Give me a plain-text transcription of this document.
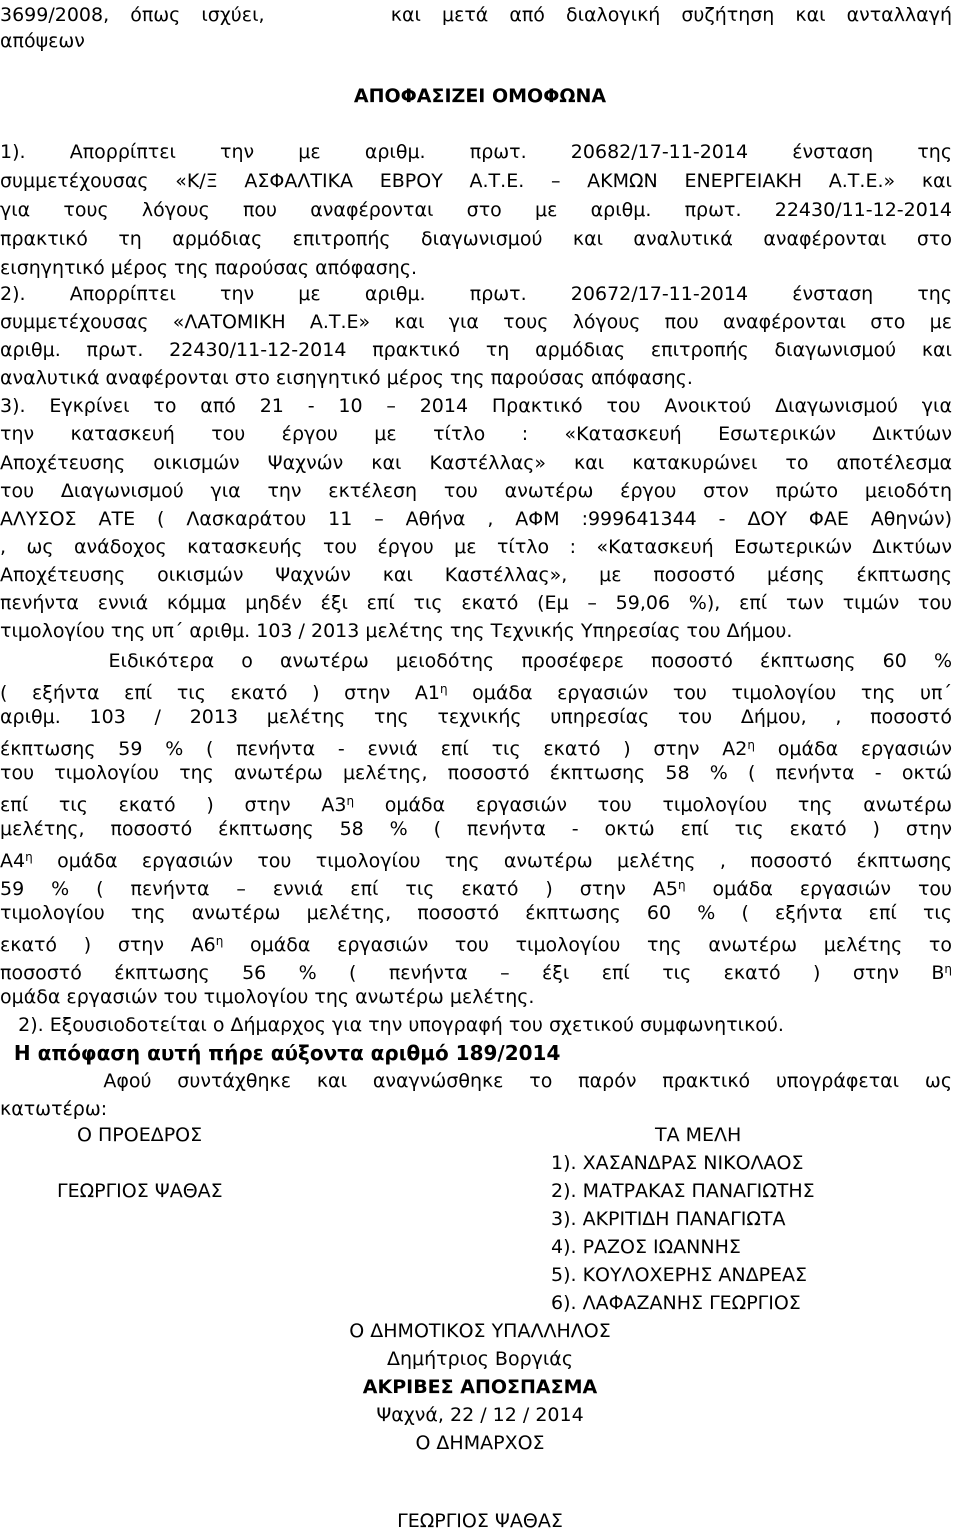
3699/2008, όπως ισχύει,      και μετά από διαλογική συζήτηση και ανταλλαγή
απόψεων
ΑΠΟΦΑΣΙΖΕΙ ΟΜΟΦΩΝΑ
1). Απορρίπτει την με αριθμ. πρωτ. 20682/17-11-2014 ένσταση της
συμμετέχουσας «Κ/Ξ ΑΣΦΑΛΤΙΚΑ ΕΒΡΟΥ Α.Τ.Ε. – ΑΚΜΩΝ ΕΝΕΡΓΕΙΑΚΗ Α.Τ.Ε.» και
για τους λόγους που αναφέρονται στο με αριθμ. πρωτ. 22430/11-12-2014
πρακτικό τη αρμόδιας επιτροπής διαγωνισμού και αναλυτικά αναφέρονται στο
εισηγητικό μέρος της παρούσας απόφασης.
2). Απορρίπτει την με αριθμ. πρωτ. 20672/17-11-2014 ένσταση της
συμμετέχουσας «ΛΑΤΟΜΙΚΗ Α.Τ.Ε» και για τους λόγους που αναφέρονται στο με
αριθμ. πρωτ. 22430/11-12-2014 πρακτικό τη αρμόδιας επιτροπής διαγωνισμού και
αναλυτικά αναφέρονται στο εισηγητικό μέρος της παρούσας απόφασης.
3). Εγκρίνει το από 21 - 10 – 2014 Πρακτικό του Ανοικτού Διαγωνισμού για
την κατασκευή του έργου με τίτλο : «Κατασκευή Εσωτερικών Δικτύων
Αποχέτευσης οικισμών Ψαχνών και Καστέλλας» και κατακυρώνει το αποτέλεσμα
του Διαγωνισμού για την εκτέλεση του ανωτέρω έργου στον πρώτο μειοδότη
ΑΛΥΣΟΣ ΑΤΕ ( Λασκαράτου 11 – Αθήνα , ΑΦΜ :999641344 - ΔΟΥ ΦΑΕ Αθηνών)
, ως ανάδοχος κατασκευής του έργου με τίτλο : «Κατασκευή Εσωτερικών Δικτύων
Αποχέτευσης οικισμών Ψαχνών και Καστέλλας», με ποσοστό μέσης έκπτωσης
πενήντα εννιά κόμμα μηδέν έξι επί τις εκατό (Εμ – 59,06 %), επί των τιμών του
τιμολογίου της υπ΄ αριθμ. 103 / 2013 μελέτης της Τεχνικής Υπηρεσίας του Δήμου.
Ειδικότερα ο ανωτέρω μειοδότης προσέφερε ποσοστό έκπτωσης 60 %
( εξήντα επί τις εκατό ) στην $A1^\eta$ ομάδα εργασιών του τιμολογίου της υπ΄
αριθμ. 103 / 2013 μελέτης της τεχνικής υπηρεσίας του Δήμου, , ποσοστό
έκπτωσης 59 % ( πενήντα - εννιά επί τις εκατό ) στην $A2^\eta$ ομάδα εργασιών
του τιμολογίου της ανωτέρω μελέτης, ποσοστό έκπτωσης 58 % ( πενήντα - οκτώ
επί τις εκατό ) στην $A3^\eta$ ομάδα εργασιών του τιμολογίου της ανωτέρω
μελέτης, ποσοστό έκπτωσης 58 % ( πενήντα - οκτώ επί τις εκατό ) στην
$A4^\eta$ ομάδα εργασιών του τιμολογίου της ανωτέρω μελέτης , ποσοστό έκπτωσης
59 % ( πενήντα – εννιά επί τις εκατό ) στην $A5^\eta$ ομάδα εργασιών του
τιμολογίου της ανωτέρω μελέτης, ποσοστό έκπτωσης 60 % ( εξήντα επί τις
εκατό ) στην $A6^\eta$ ομάδα εργασιών του τιμολογίου της ανωτέρω μελέτης το
ποσοστό έκπτωσης 56 % ( πενήντα – έξι επί τις εκατό ) στην $B^\eta$
ομάδα εργασιών του τιμολογίου της ανωτέρω μελέτης.
2). Εξουσιοδοτείται ο Δήμαρχος για την υπογραφή του σχετικού συμφωνητικού.
Η απόφαση αυτή πήρε αύξοντα αριθμό 189/2014
Αφού συντάχθηκε και αναγνώσθηκε το παρόν πρακτικό υπογράφεται ως
κατωτέρω:
Ο ΠΡΟΕΔΡΟΣ
ΓΕΩΡΓΙΟΣ ΨΑΘΑΣ
ΤΑ ΜΕΛΗ
1). ΧΑΣΑΝΔΡΑΣ ΝΙΚΟΛΑΟΣ
2). ΜΑΤΡΑΚΑΣ ΠΑΝΑΓΙΩΤΗΣ
3). ΑΚΡΙΤΙΔΗ ΠΑΝΑΓΙΩΤΑ
4). ΡΑΖΟΣ ΙΩΑΝΝΗΣ
5). ΚΟΥΛΟΧΕΡΗΣ ΑΝΔΡΕΑΣ
6). ΛΑΦΑΖΑΝΗΣ ΓΕΩΡΓΙΟΣ
Ο ΔΗΜΟΤΙΚΟΣ ΥΠΑΛΛΗΛΟΣ
Δημήτριος Βοργιάς
ΑΚΡΙΒΕΣ ΑΠΟΣΠΑΣΜΑ
Ψαχνά, 22 / 12 / 2014
Ο ΔΗΜΑΡΧΟΣ
ΓΕΩΡΓΙΟΣ ΨΑΘΑΣ
